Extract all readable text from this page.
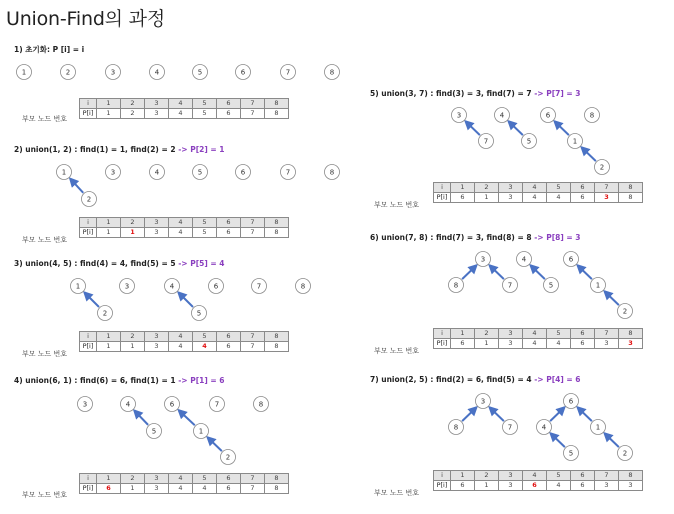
Union-Find의 과정
1	2	3	4	5	6	7	8
1
2
3	4	5	6	7	8
1
2
3	4
5
6	7	8
3	4
5
6
1
2
7	8
3
7
4
5
6
1
2
8
3
8	7
4
5
6
1
2
3
8	7
6
4
5
1
2
1) 초기화: P [i] = i
부모 노드 번호
i	1	2	3	4	5	6	7	8
P[i]	1	2	3	4	5	6	7	8
2) union(1, 2) : find(1) = 1, find(2) = 2 -> P[2] = 1
부모 노드 번호
i	1	2	3	4	5	6	7	8
P[i]	1	1	3	4	5	6	7	8
3) union(4, 5) : find(4) = 4, find(5) = 5 -> P[5] = 4
부모 노드 번호
i	1	2	3	4	5	6	7	8
P[i]	1	1	3	4	4	6	7	8
4) union(6, 1) : find(6) = 6, find(1) = 1 -> P[1] = 6
부모 노드 번호
i	1	2	3	4	5	6	7	8
P[i]	6	1	3	4	4	6	7	8
5) union(3, 7) : find(3) = 3, find(7) = 7 -> P[7] = 3
부모 노드 번호
i	1	2	3	4	5	6	7	8
P[i]	6	1	3	4	4	6	3	8
6) union(7, 8) : find(7) = 3, find(8) = 8 -> P[8] = 3
부모 노드 번호
i	1	2	3	4	5	6	7	8
P[i]	6	1	3	4	4	6	3	3
7) union(2, 5) : find(2) = 6, find(5) = 4 -> P[4] = 6
부모 노드 번호
i	1	2	3	4	5	6	7	8
P[i]	6	1	3	6	4	6	3	3
